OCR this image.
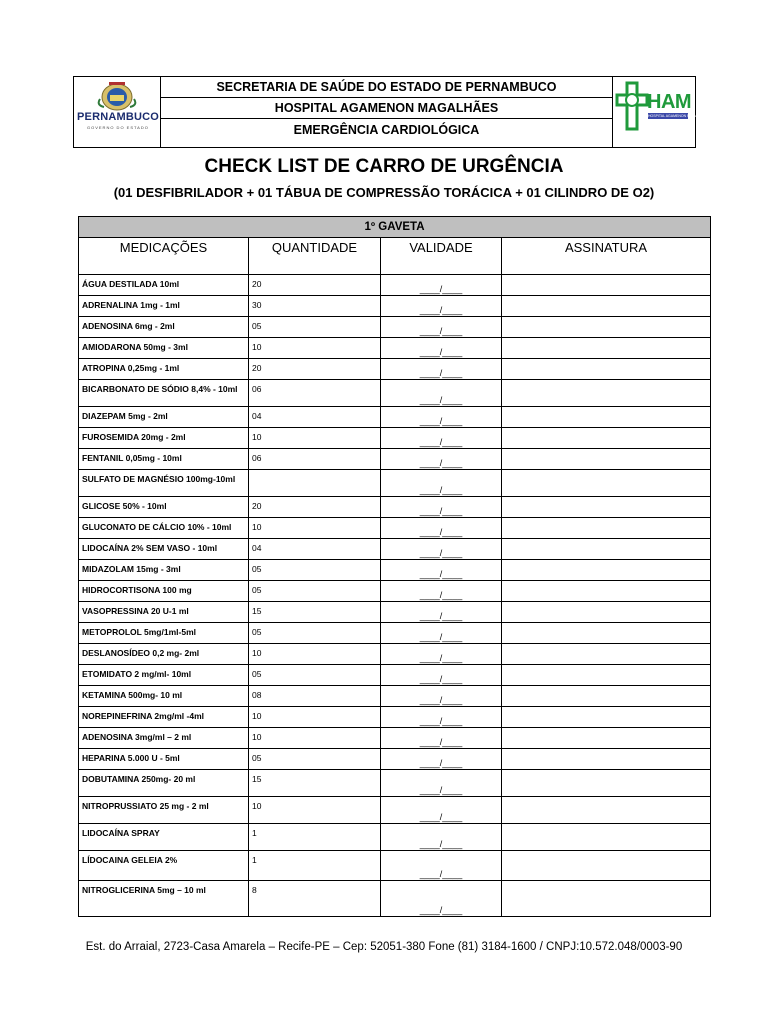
PERNAMBUCO
GOVERNO DO ESTADO
SECRETARIA DE SAÚDE DO ESTADO DE PERNAMBUCO
HOSPITAL AGAMENON MAGALHÃES
EMERGÊNCIA CARDIOLÓGICA
HAM
HOSPITAL AGAMENON MAGALHÃES
CHECK LIST DE CARRO DE URGÊNCIA
(01 DESFIBRILADOR + 01 TÁBUA DE COMPRESSÃO TORÁCICA + 01 CILINDRO DE O2)
1º GAVETA			
MEDICAÇÕES	QUANTIDADE	VALIDADE	ASSINATURA
ÁGUA DESTILADA 10ml	20	____/____	
ADRENALINA 1mg - 1ml	30	____/____	
ADENOSINA 6mg - 2ml	05	____/____	
AMIODARONA 50mg - 3ml	10	____/____	
ATROPINA 0,25mg - 1ml	20	____/____	
BICARBONATO DE SÓDIO 8,4% - 10ml	06	____/____	
DIAZEPAM 5mg - 2ml	04	____/____	
FUROSEMIDA 20mg - 2ml	10	____/____	
FENTANIL 0,05mg - 10ml	06	____/____	
SULFATO DE MAGNÉSIO 100mg-10ml		____/____	
GLICOSE 50% - 10ml	20	____/____	
GLUCONATO DE CÁLCIO 10% - 10ml	10	____/____	
LIDOCAÍNA 2% SEM VASO - 10ml	04	____/____	
MIDAZOLAM 15mg - 3ml	05	____/____	
HIDROCORTISONA 100 mg	05	____/____	
VASOPRESSINA 20 U-1 ml	15	____/____	
METOPROLOL 5mg/1ml-5ml	05	____/____	
DESLANOSÍDEO 0,2 mg- 2ml	10	____/____	
ETOMIDATO 2 mg/ml- 10ml	05	____/____	
KETAMINA 500mg- 10 ml	08	____/____	
NOREPINEFRINA 2mg/ml -4ml	10	____/____	
ADENOSINA 3mg/ml – 2 ml	10	____/____	
HEPARINA 5.000 U - 5ml	05	____/____	
DOBUTAMINA 250mg- 20 ml	15	____/____	
NITROPRUSSIATO 25 mg - 2 ml	10	____/____	
LIDOCAÍNA SPRAY	1	____/____	
LÍDOCAINA GELEIA 2%	1	____/____	
NITROGLICERINA 5mg – 10 ml	8	____/____	
Est. do Arraial, 2723-Casa Amarela – Recife-PE – Cep: 52051-380 Fone (81) 3184-1600 / CNPJ:10.572.048/0003-90
